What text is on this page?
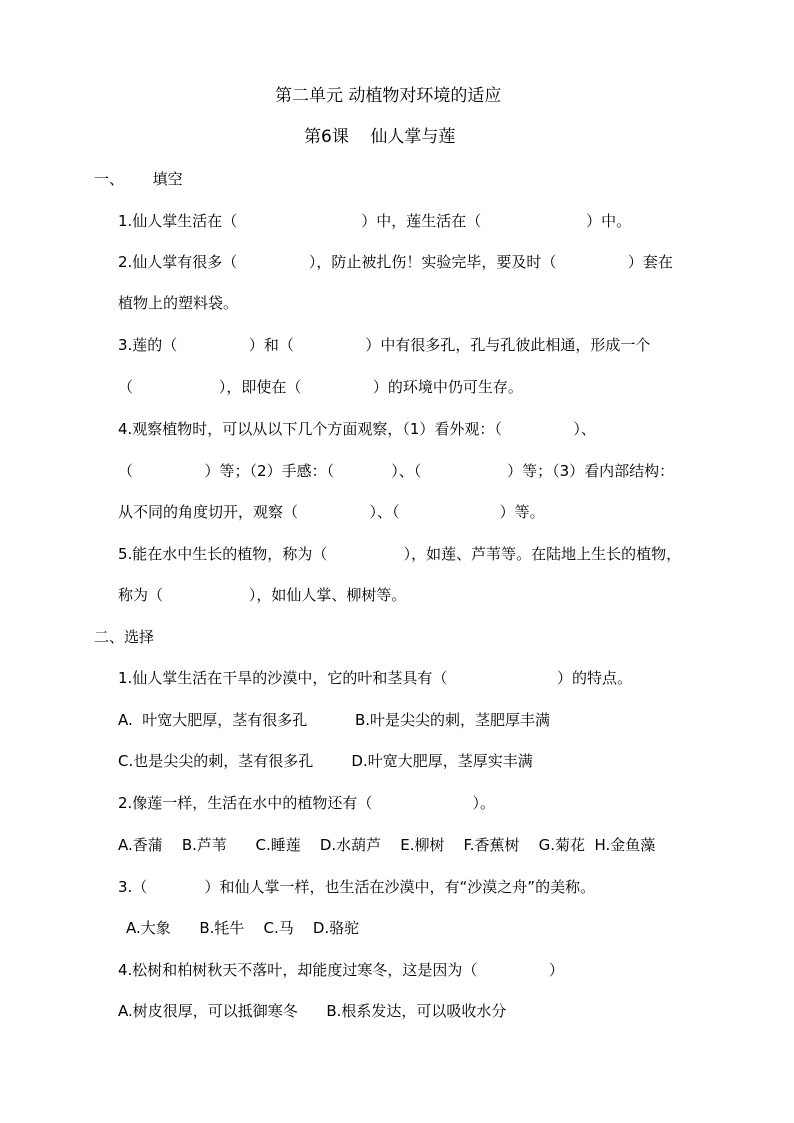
第二单元 动植物对环境的适应
第6课    仙人掌与莲
一、      填空
1.仙人掌生活在（                          ）中，莲生活在（                      ）中。
2.仙人掌有很多（               ），防止被扎伤！实验完毕，要及时（               ）套在
植物上的塑料袋。
3.莲的（               ）和（               ）中有很多孔，孔与孔彼此相通，形成一个
（                  ），即使在（               ）的环境中仍可生存。
4.观察植物时，可以从以下几个方面观察，（1）看外观：（               ）、
（               ）等；（2）手感：（            ）、（                  ）等；（3）看内部结构：
从不同的角度切开，观察（               ）、（                     ）等。
5.能在水中生长的植物，称为（                ），如莲、芦苇等。在陆地上生长的植物，
称为（                  ），如仙人掌、柳树等。
二、选择
1.仙人掌生活在干旱的沙漠中，它的叶和茎具有（                       ）的特点。
A.  叶宽大肥厚，茎有很多孔          B.叶是尖尖的刺，茎肥厚丰满
C.也是尖尖的刺，茎有很多孔        D.叶宽大肥厚，茎厚实丰满
2.像莲一样，生活在水中的植物还有（                     ）。
A.香蒲    B.芦苇      C.睡莲    D.水葫芦    E.柳树    F.香蕉树    G.菊花  H.金鱼藻
3.（            ）和仙人掌一样，也生活在沙漠中，有“沙漠之舟”的美称。
A.大象      B.牦牛    C.马    D.骆驼
4.松树和柏树秋天不落叶，却能度过寒冬，这是因为（               ）
A.树皮很厚，可以抵御寒冬      B.根系发达，可以吸收水分
